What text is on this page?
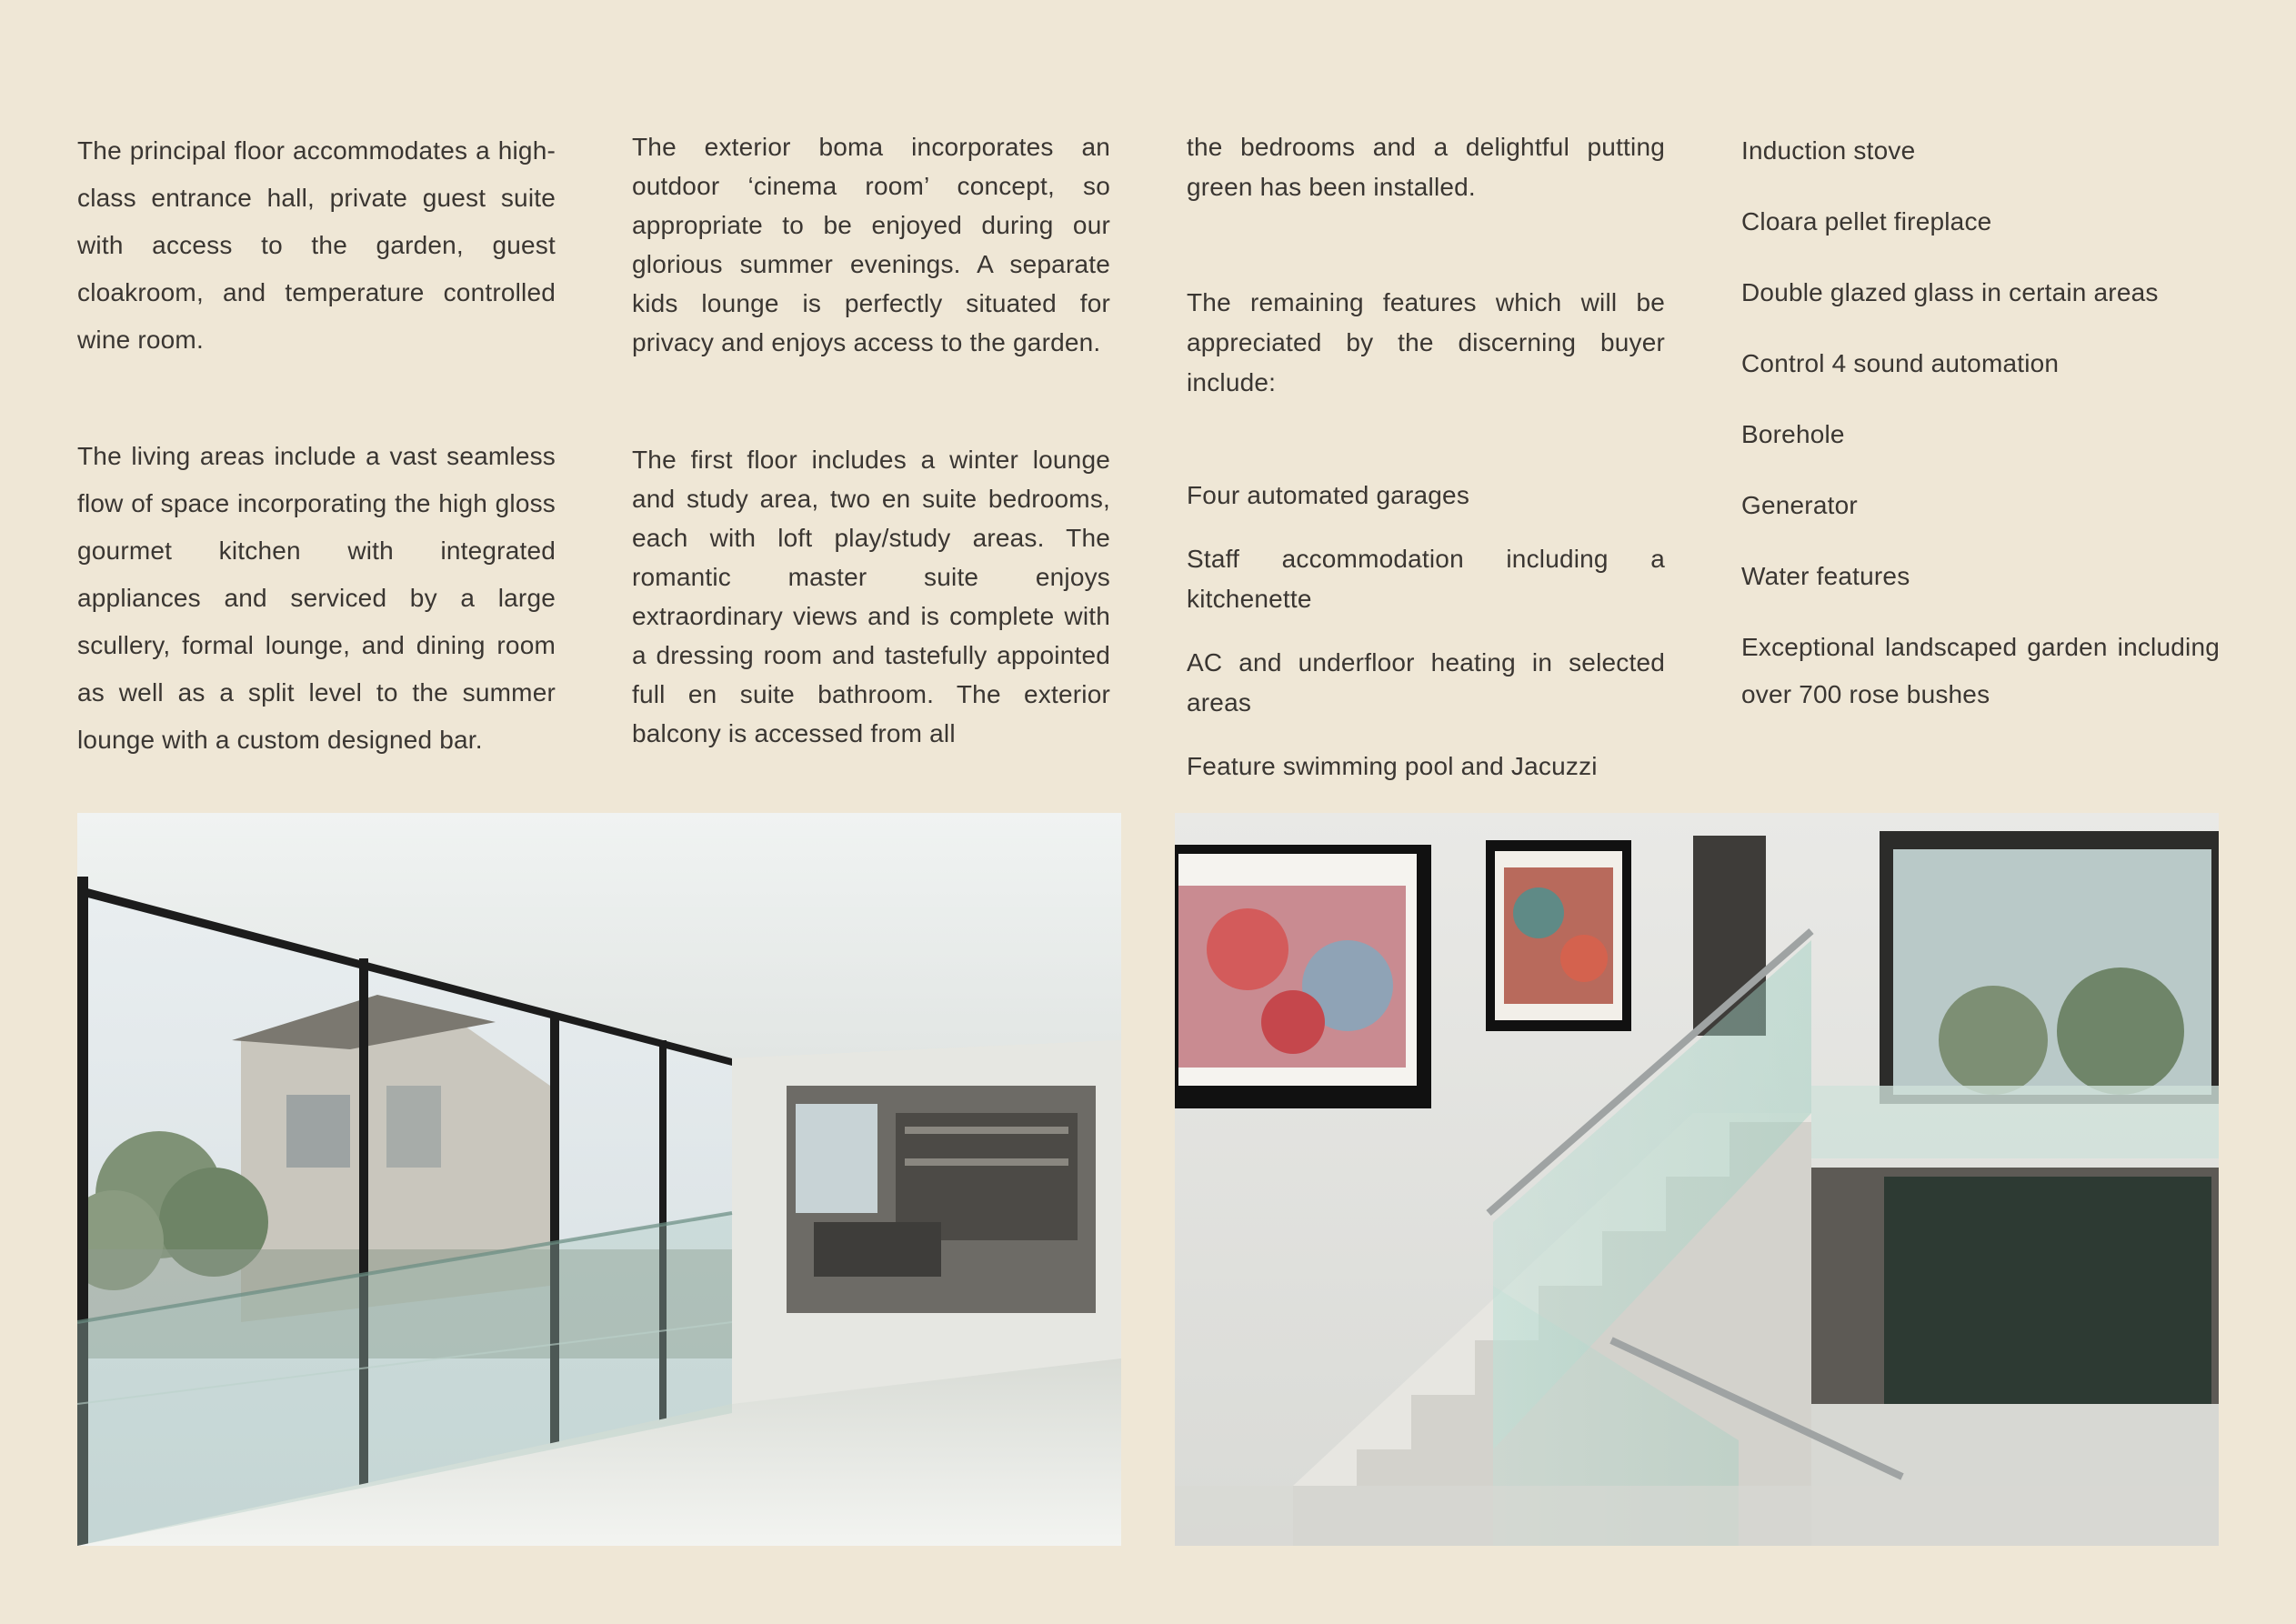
The principal floor accommodates a high-class entrance hall, private guest suite with access to the garden, guest cloakroom, and temperature controlled wine room.

The living areas include a vast seamless flow of space incorporating the high gloss gourmet kitchen with integrated appliances and serviced by a large scullery, formal lounge, and dining room as well as a split level to the summer lounge with a custom designed bar.

The exterior boma incorporates an outdoor ‘cinema room’ concept, so appropriate to be enjoyed during our glorious summer evenings. A separate kids lounge is perfectly situated for privacy and enjoys access to the garden.

The first floor includes a winter lounge and study area, two en suite bedrooms, each with loft play/study areas. The romantic master suite enjoys extraordinary views and is complete with a dressing room and tastefully appointed full en suite bathroom. The exterior balcony is accessed from all

the bedrooms and a delightful putting green has been installed.

The remaining features which will be appreciated by the discerning buyer include:

Four automated garages
Staff accommodation including a kitchenette
AC and underfloor heating in selected areas
Feature swimming pool and Jacuzzi
Induction stove
Cloara pellet fireplace
Double glazed glass in certain areas
Control 4 sound automation
Borehole
Generator
Water features
Exceptional landscaped garden including over 700 rose bushes
